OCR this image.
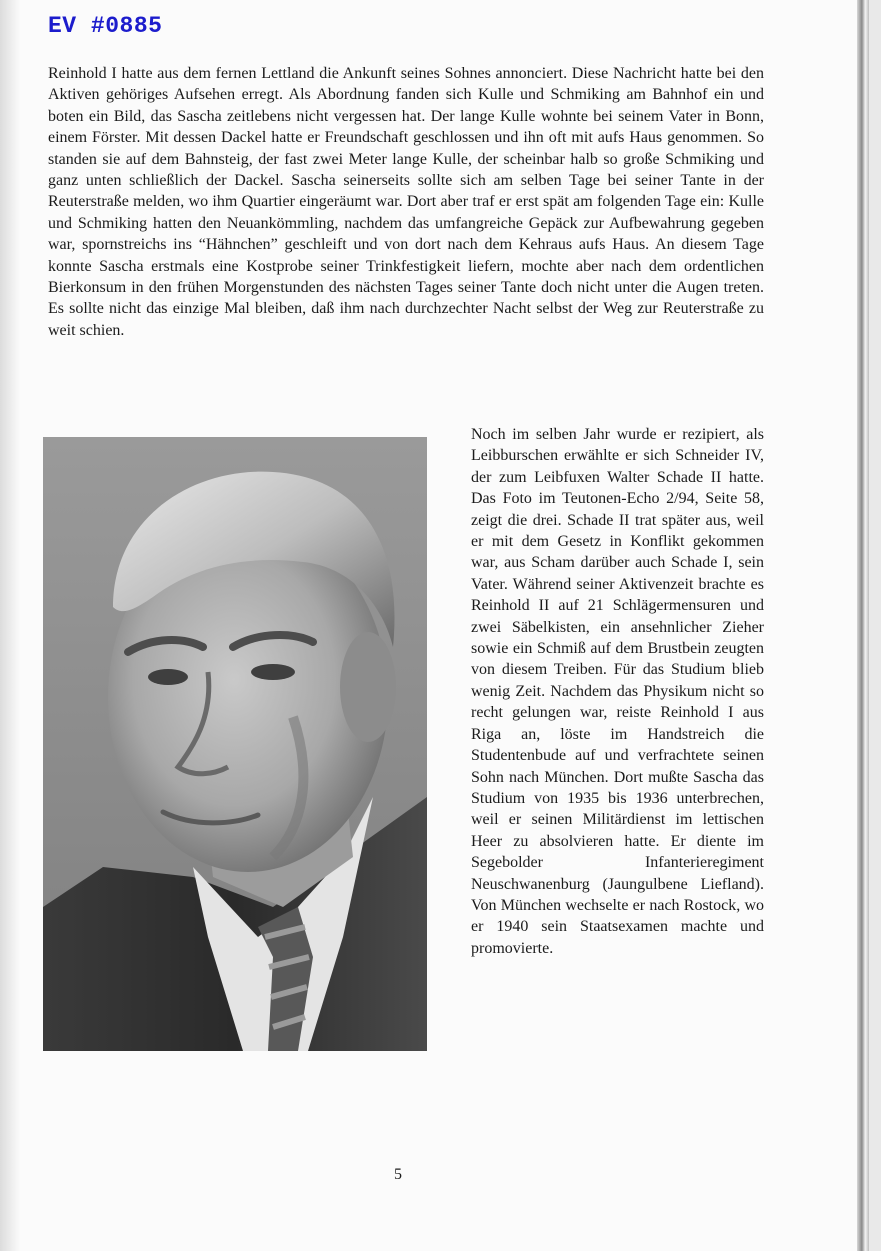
EV #0885

Reinhold I hatte aus dem fernen Lettland die Ankunft seines Sohnes annonciert. Diese Nachricht hatte bei den Aktiven gehöriges Aufsehen erregt. Als Abordnung fanden sich Kulle und Schmiking am Bahnhof ein und boten ein Bild, das Sascha zeitlebens nicht vergessen hat. Der lange Kulle wohnte bei seinem Vater in Bonn, einem Förster. Mit dessen Dackel hatte er Freundschaft geschlossen und ihn oft mit aufs Haus genommen. So standen sie auf dem Bahnsteig, der fast zwei Meter lange Kulle, der scheinbar halb so große Schmiking und ganz unten schließlich der Dackel. Sascha seinerseits sollte sich am selben Tage bei seiner Tante in der Reuterstraße melden, wo ihm Quartier eingeräumt war. Dort aber traf er erst spät am folgenden Tage ein: Kulle und Schmiking hatten den Neuankömmling, nachdem das umfangreiche Gepäck zur Aufbewahrung gegeben war, spornstreichs ins “Hähnchen” geschleift und von dort nach dem Kehraus aufs Haus. An diesem Tage konnte Sascha erstmals eine Kostprobe seiner Trinkfestigkeit liefern, mochte aber nach dem ordentlichen Bierkonsum in den frühen Morgenstunden des nächsten Tages seiner Tante doch nicht unter die Augen treten. Es sollte nicht das einzige Mal bleiben, daß ihm nach durchzechter Nacht selbst der Weg zur Reuterstraße zu weit schien.

Noch im selben Jahr wurde er rezipiert, als Leibburschen erwählte er sich Schneider IV, der zum Leibfuxen Walter Schade II hatte. Das Foto im Teutonen-Echo 2/94, Seite 58, zeigt die drei. Schade II trat später aus, weil er mit dem Gesetz in Konflikt gekommen war, aus Scham darüber auch Schade I, sein Vater. Während seiner Aktivenzeit brachte es Reinhold II auf 21 Schlägermensuren und zwei Säbelkisten, ein ansehnlicher Zieher sowie ein Schmiß auf dem Brustbein zeugten von diesem Treiben. Für das Studium blieb wenig Zeit. Nachdem das Physikum nicht so recht gelungen war, reiste Reinhold I aus Riga an, löste im Handstreich die Studentenbude auf und verfrachtete seinen Sohn nach München. Dort mußte Sascha das Studium von 1935 bis 1936 unterbrechen, weil er seinen Militärdienst im lettischen Heer zu absolvieren hatte. Er diente im Segebolder Infanterieregiment Neuschwanenburg (Jaungulbene Liefland). Von München wechselte er nach Rostock, wo er 1940 sein Staatsexamen machte und promovierte.

5
